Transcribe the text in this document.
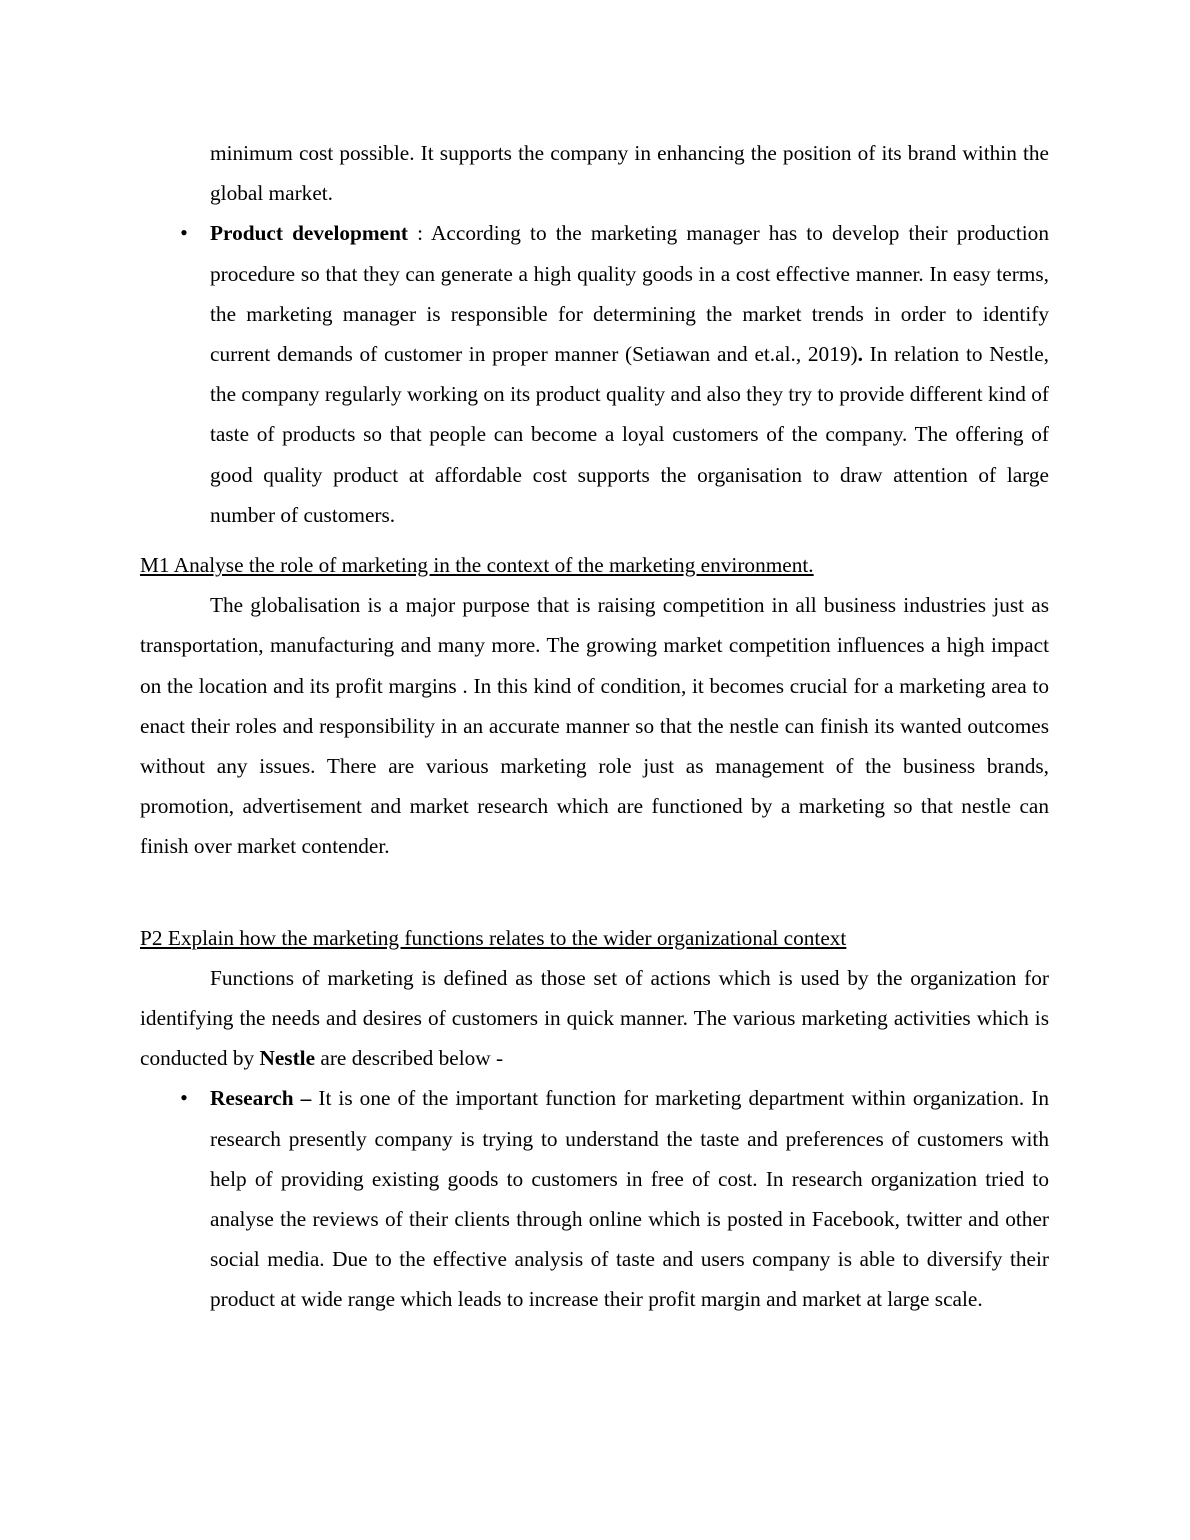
minimum cost possible. It supports the company in enhancing the position of its brand within the global market.

• Product development : According to the marketing manager has to develop their production procedure so that they can generate a high quality goods in a cost effective manner. In easy terms, the marketing manager is responsible for determining the market trends in order to identify current demands of customer in proper manner (Setiawan and et.al., 2019). In relation to Nestle, the company regularly working on its product quality and also they try to provide different kind of taste of products so that people can become a loyal customers of the company. The offering of good quality product at affordable cost supports the organisation to draw attention of large number of customers.

M1 Analyse the role of marketing in the context of the marketing environment.

The globalisation is a major purpose that is raising competition in all business industries just as transportation, manufacturing and many more. The growing market competition influences a high impact on the location and its profit margins . In this kind of condition, it becomes crucial for a marketing area to enact their roles and responsibility in an accurate manner so that the nestle can finish its wanted outcomes without any issues. There are various marketing role just as management of the business brands, promotion, advertisement and market research which are functioned by a marketing so that nestle can finish over market contender.

P2 Explain how the marketing functions relates to the wider organizational context

Functions of marketing is defined as those set of actions which is used by the organization for identifying the needs and desires of customers in quick manner. The various marketing activities which is conducted by Nestle are described below -

• Research – It is one of the important function for marketing department within organization. In research presently company is trying to understand the taste and preferences of customers with help of providing existing goods to customers in free of cost. In research organization tried to analyse the reviews of their clients through online which is posted in Facebook, twitter and other social media. Due to the effective analysis of taste and users company is able to diversify their product at wide range which leads to increase their profit margin and market at large scale.
